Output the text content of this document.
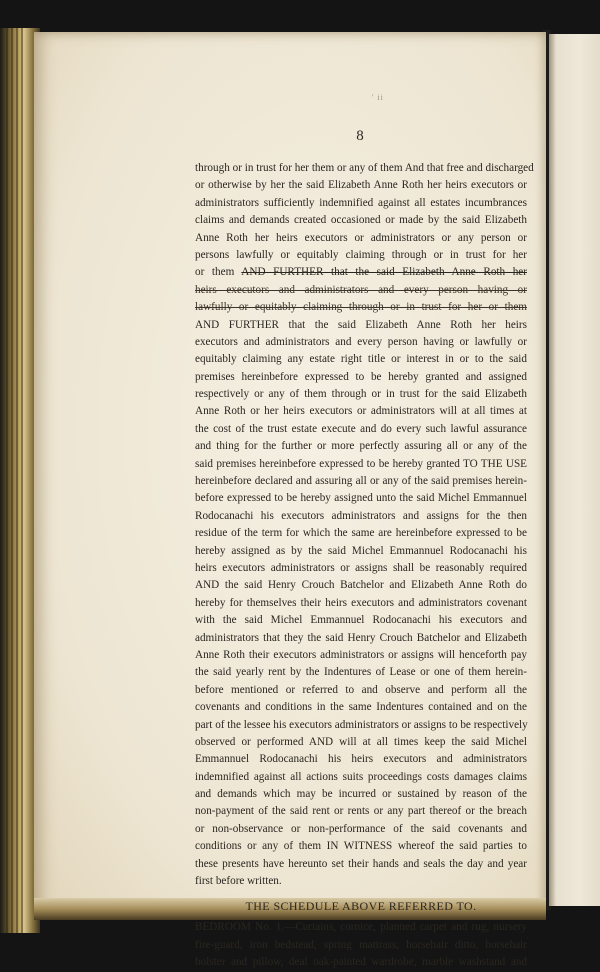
' ii
8
through or in trust for her them or any of them And that free and discharged
or otherwise by her the said Elizabeth Anne Roth her heirs executors or
administrators sufficiently indemnified against all estates incumbrances
claims and demands created occasioned or made by the said Elizabeth
Anne Roth her heirs executors or administrators or any person or
persons lawfully or equitably claiming through or in trust for her
or them AND FURTHER that the said Elizabeth Anne Roth her
heirs executors and administrators and every person having or
lawfully or equitably claiming through or in trust for her or them
AND FURTHER that the said Elizabeth Anne Roth her heirs
executors and administrators and every person having or lawfully or
equitably claiming any estate right title or interest in or to the said
premises hereinbefore expressed to be hereby granted and assigned
respectively or any of them through or in trust for the said Elizabeth
Anne Roth or her heirs executors or administrators will at all times at
the cost of the trust estate execute and do every such lawful assurance
and thing for the further or more perfectly assuring all or any of the
said premises hereinbefore expressed to be hereby granted TO THE USE
hereinbefore declared and assuring all or any of the said premises herein-
before expressed to be hereby assigned unto the said Michel Emmannuel
Rodocanachi his executors administrators and assigns for the then
residue of the term for which the same are hereinbefore expressed to be
hereby assigned as by the said Michel Emmannuel Rodocanachi his
heirs executors administrators or assigns shall be reasonably required
AND the said Henry Crouch Batchelor and Elizabeth Anne Roth do
hereby for themselves their heirs executors and administrators covenant
with the said Michel Emmannuel Rodocanachi his executors and
administrators that they the said Henry Crouch Batchelor and Elizabeth
Anne Roth their executors administrators or assigns will henceforth pay
the said yearly rent by the Indentures of Lease or one of them herein-
before mentioned or referred to and observe and perform all the
covenants and conditions in the same Indentures contained and on the
part of the lessee his executors administrators or assigns to be respectively
observed or performed AND will at all times keep the said Michel
Emmannuel Rodocanachi his heirs executors and administrators
indemnified against all actions suits proceedings costs damages claims
and demands which may be incurred or sustained by reason of the
non-payment of the said rent or rents or any part thereof or the breach
or non-observance or non-performance of the said covenants and
conditions or any of them IN WITNESS whereof the said parties to
these presents have hereunto set their hands and seals the day and year
first before written.
THE SCHEDULE ABOVE REFERRED TO.
BEDROOM No. 1.—Curtains, cornice, planned carpet and rug, nursery
fire-guard, iron bedstead, spring mattrass, horsehair ditto, horsehair
bolster and pillow, deal oak-painted wardrobe, marble washstand and
